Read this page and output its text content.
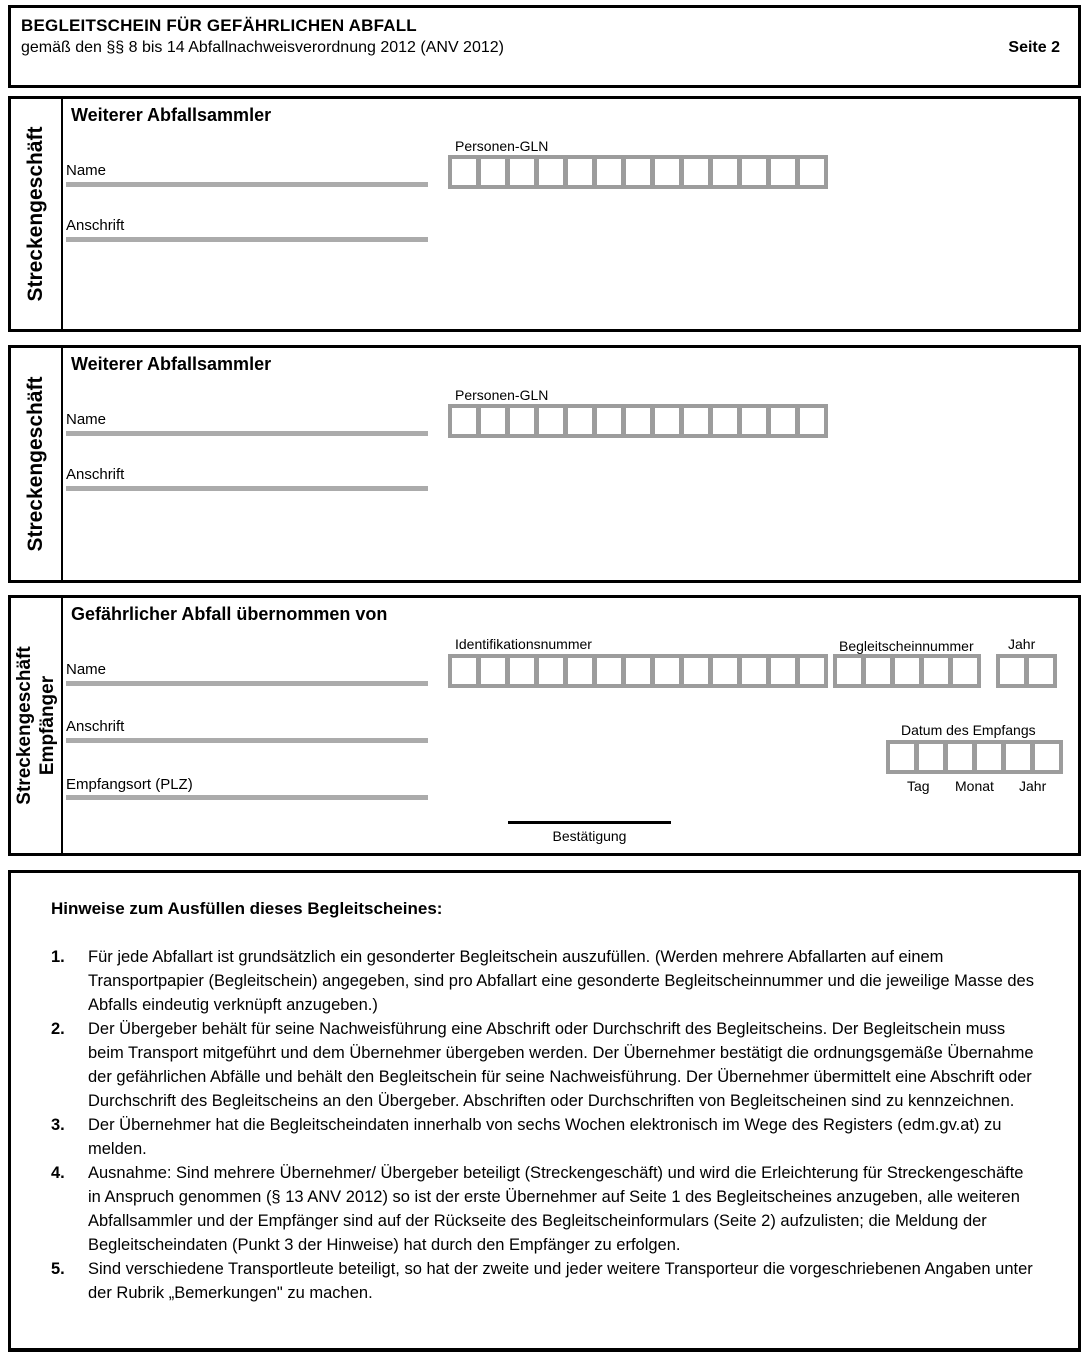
BEGLEITSCHEIN FÜR GEFÄHRLICHEN ABFALL
gemäß den §§ 8 bis 14 Abfallnachweisverordnung 2012 (ANV 2012)	Seite 2
Streckengeschäft
Weiterer Abfallsammler
Personen-GLN
Name
Anschrift
Streckengeschäft
Weiterer Abfallsammler
Personen-GLN
Name
Anschrift
Streckengeschäft Empfänger
Gefährlicher Abfall übernommen von
Identifikationsnummer	Begleitscheinnummer Jahr
Name
Anschrift	Datum des Empfangs
Tag Monat Jahr
Empfangsort (PLZ)
Bestätigung
Hinweise zum Ausfüllen dieses Begleitscheines:
1.	Für jede Abfallart ist grundsätzlich ein gesonderter Begleitschein auszufüllen. (Werden mehrere Abfallarten auf einem Transportpapier (Begleitschein) angegeben, sind pro Abfallart eine gesonderte Begleitscheinnummer und die jeweilige Masse des Abfalls eindeutig verknüpft anzugeben.)
2.	Der Übergeber behält für seine Nachweisführung eine Abschrift oder Durchschrift des Begleitscheins. Der Begleitschein muss beim Transport mitgeführt und dem Übernehmer übergeben werden. Der Übernehmer bestätigt die ordnungsgemäße Übernahme der gefährlichen Abfälle und behält den Begleitschein für seine Nachweisführung. Der Übernehmer übermittelt eine Abschrift oder Durchschrift des Begleitscheins an den Übergeber. Abschriften oder Durchschriften von Begleitscheinen sind zu kennzeichnen.
3.	Der Übernehmer hat die Begleitscheindaten innerhalb von sechs Wochen elektronisch im Wege des Registers (edm.gv.at) zu melden.
4.	Ausnahme: Sind mehrere Übernehmer/ Übergeber beteiligt (Streckengeschäft) und wird die Erleichterung für Streckengeschäfte in Anspruch genommen (§ 13 ANV 2012) so ist der erste Übernehmer auf Seite 1 des Begleitscheines anzugeben, alle weiteren Abfallsammler und der Empfänger sind auf der Rückseite des Begleitscheinformulars (Seite 2) aufzulisten; die Meldung der Begleitscheindaten (Punkt 3 der Hinweise) hat durch den Empfänger zu erfolgen.
5.	Sind verschiedene Transportleute beteiligt, so hat der zweite und jeder weitere Transporteur die vorgeschriebenen Angaben unter der Rubrik „Bemerkungen" zu machen.
